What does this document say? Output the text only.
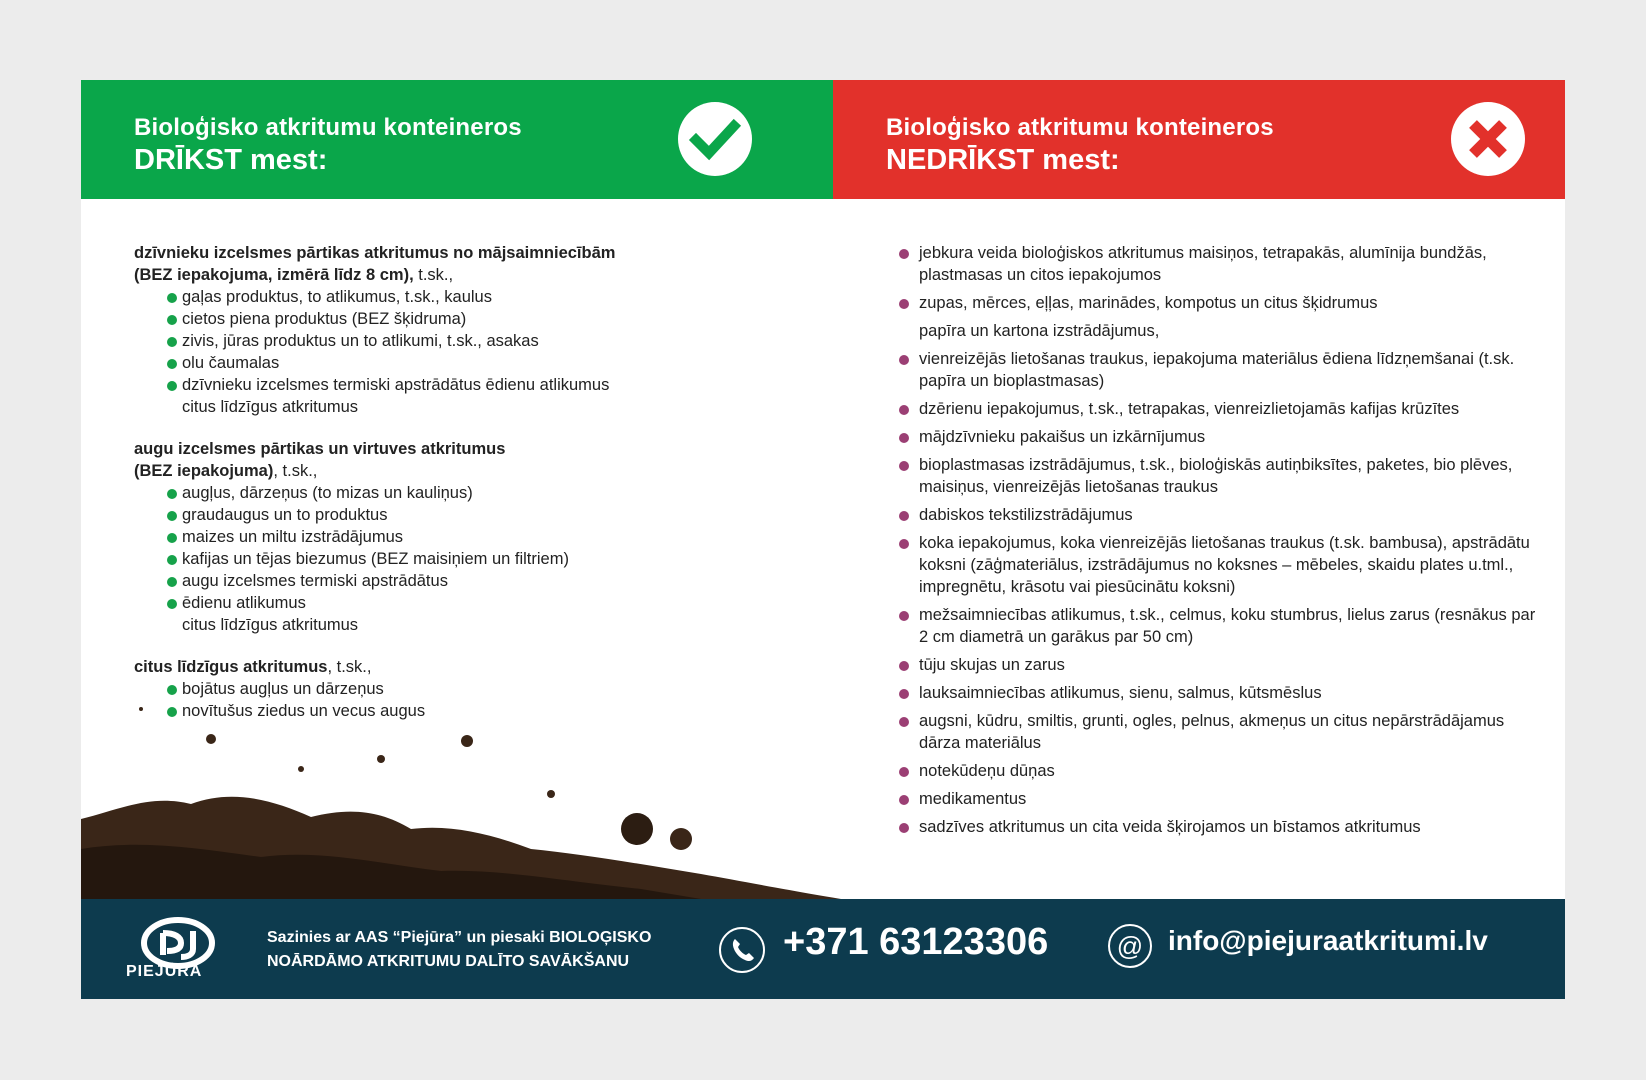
Bioloģisko atkritumu konteineros
DRĪKST mest:
Bioloģisko atkritumu konteineros
NEDRĪKST mest:
dzīvnieku izcelsmes pārtikas atkritumus no mājsaimniecībām
(BEZ iepakojuma, izmērā līdz 8 cm), t.sk.,
gaļas produktus, to atlikumus, t.sk., kaulus
cietos piena produktus (BEZ šķidruma)
zivis, jūras produktus un to atlikumi, t.sk., asakas
olu čaumalas
dzīvnieku izcelsmes termiski apstrādātus ēdienu atlikumus
citus līdzīgus atkritumus
augu izcelsmes pārtikas un virtuves atkritumus
(BEZ iepakojuma), t.sk.,
augļus, dārzeņus (to mizas un kauliņus)
graudaugus un to produktus
maizes un miltu izstrādājumus
kafijas un tējas biezumus (BEZ maisiņiem un filtriem)
augu izcelsmes termiski apstrādātus
ēdienu atlikumus
citus līdzīgus atkritumus
citus līdzīgus atkritumus, t.sk.,
bojātus augļus un dārzeņus
novītušus ziedus un vecus augus
jebkura veida bioloģiskos atkritumus maisiņos, tetrapakās, alumīnija bundžās, plastmasas un citos iepakojumos
zupas, mērces, eļļas, marinādes, kompotus un citus šķidrumus
papīra un kartona izstrādājumus,
vienreizējās lietošanas traukus, iepakojuma materiālus ēdiena līdzņemšanai (t.sk. papīra un bioplastmasas)
dzērienu iepakojumus, t.sk., tetrapakas, vienreizlietojamās kafijas krūzītes
mājdzīvnieku pakaišus un izkārnījumus
bioplastmasas izstrādājumus, t.sk., bioloģiskās autiņbiksītes, paketes, bio plēves, maisiņus, vienreizējās lietošanas traukus
dabiskos tekstilizstrādājumus
koka iepakojumus, koka vienreizējās lietošanas traukus (t.sk. bambusa), apstrādātu koksni (zāģmateriālus, izstrādājumus no koksnes – mēbeles, skaidu plates u.tml., impregnētu, krāsotu vai piesūcinātu koksni)
mežsaimniecības atlikumus, t.sk., celmus, koku stumbrus, lielus zarus (resnākus par 2 cm diametrā un garākus par 50 cm)
tūju skujas un zarus
lauksaimniecības atlikumus, sienu, salmus, kūtsmēslus
augsni, kūdru, smiltis, grunti, ogles, pelnus, akmeņus un citus nepārstrādājamus dārza materiālus
notekūdeņu dūņas
medikamentus
sadzīves atkritumus un cita veida šķirojamos un bīstamos atkritumus
PIEJŪRA
Sazinies ar AAS “Piejūra” un piesaki BIOLOĢISKO
NOĀRDĀMO ATKRITUMU DALĪTO SAVĀKŠANU	+371 63123306	@ info@piejuraatkritumi.lv
